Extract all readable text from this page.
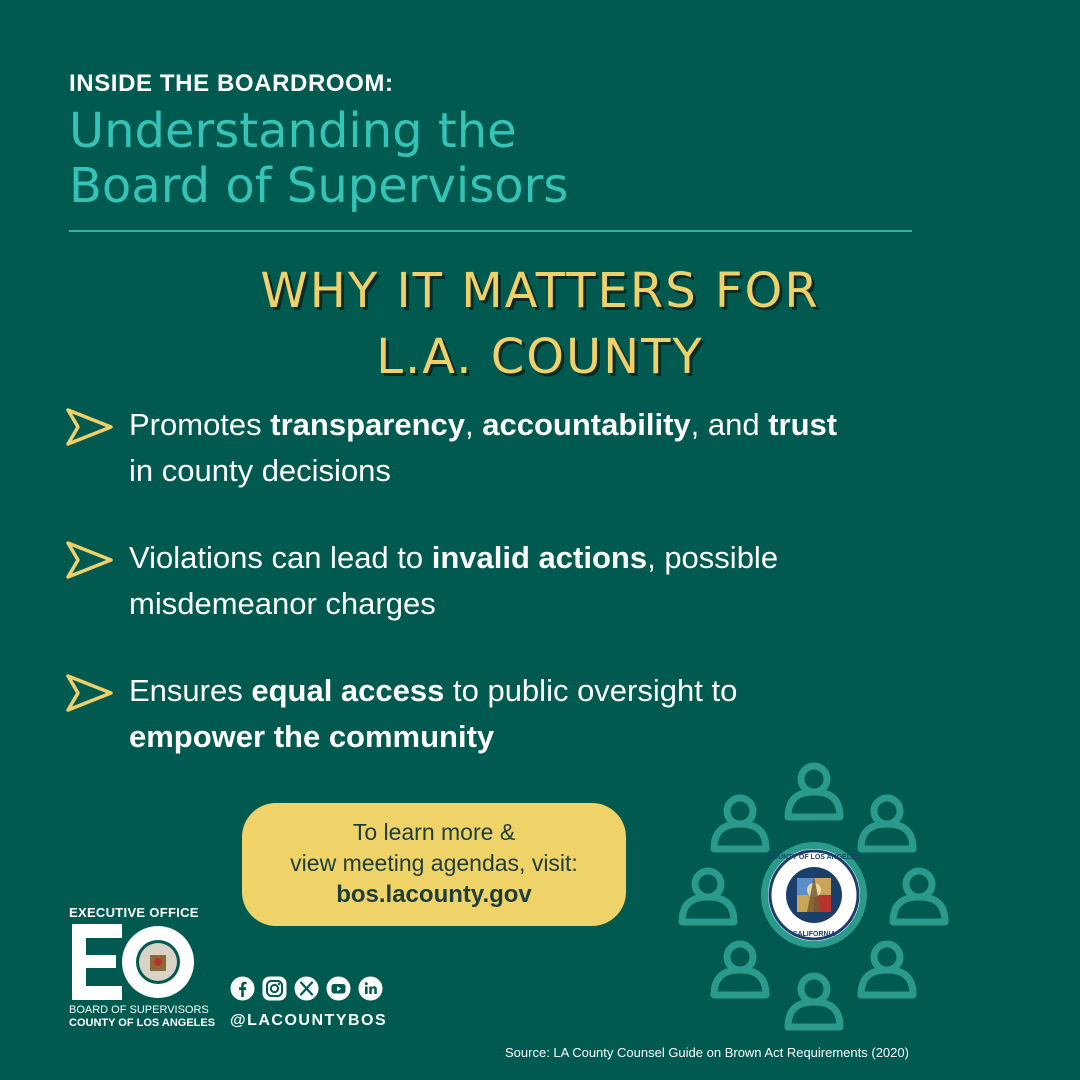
INSIDE THE BOARDROOM:
Understanding the
Board of Supervisors
WHY IT MATTERS FOR
L.A. COUNTY
Promotes transparency, accountability, and trust
in county decisions
Violations can lead to invalid actions, possible
misdemeanor charges
Ensures equal access to public oversight to
empower the community
To learn more &
view meeting agendas, visit:
bos.lacounty.gov
EXECUTIVE OFFICE
BOARD OF SUPERVISORS
COUNTY OF LOS ANGELES @LACOUNTYBOS
COUNTY OF LOS ANGELES
CALIFORNIA
Source: LA County Counsel Guide on Brown Act Requirements (2020)
